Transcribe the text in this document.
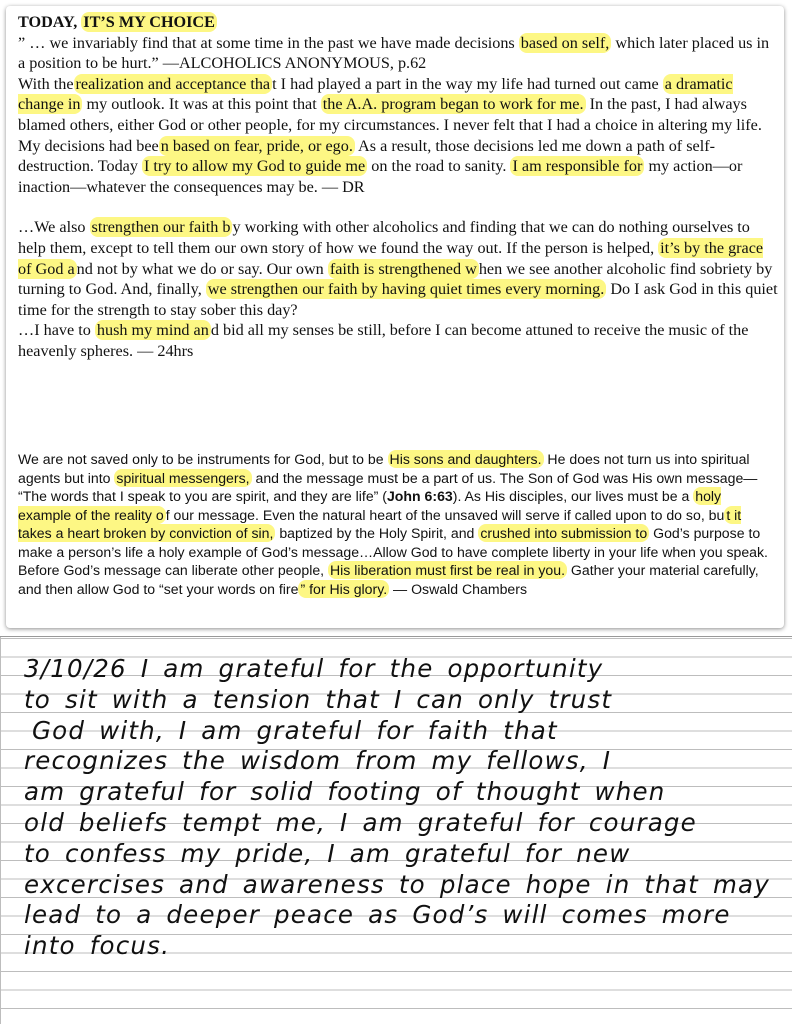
TODAY, IT’S MY CHOICE
” … we invariably find that at some time in the past we have made decisions based on self, which later placed us in a position to be hurt.” —ALCOHOLICS ANONYMOUS, p.62
With the realization and acceptance tha t I had played a part in the way my life had turned out came a dramatic change in my outlook. It was at this point that the A.A. program began to work for me. In the past, I had always blamed others, either God or other people, for my circumstances. I never felt that I had a choice in altering my life. My decisions had bee n based on fear, pride, or ego. As a result, those decisions led me down a path of self-destruction. Today I try to allow my God to guide me on the road to sanity. I am responsible for my action—or inaction—whatever the consequences may be. — DR
…We also strengthen our faith b y working with other alcoholics and finding that we can do nothing ourselves to help them, except to tell them our own story of how we found the way out. If the person is helped, it’s by the grace of God a nd not by what we do or say. Our own faith is strengthened w hen we see another alcoholic find sobriety by turning to God. And, finally, we strengthen our faith by having quiet times every morning. Do I ask God in this quiet time for the strength to stay sober this day?
…I have to hush my mind an d bid all my senses be still, before I can become attuned to receive the music of the heavenly spheres. — 24hrs
We are not saved only to be instruments for God, but to be His sons and daughters. He does not turn us into spiritual agents but into spiritual messengers, and the message must be a part of us. The Son of God was His own message— “The words that I speak to you are spirit, and they are life” (John 6:63). As His disciples, our lives must be a holy example of the reality o f our message. Even the natural heart of the unsaved will serve if called upon to do so, bu t it takes a heart broken by conviction of sin, baptized by the Holy Spirit, and crushed into submission to God’s purpose to make a person’s life a holy example of God’s message…Allow God to have complete liberty in your life when you speak. Before God’s message can liberate other people, His liberation must first be real in you. Gather your material carefully, and then allow God to “set your words on fire ” for His glory. — Oswald Chambers
3/10/26 I am grateful for the opportunity
to sit with a tension that I can only trust
God with, I am grateful for faith that
recognizes the wisdom from my fellows, I
am grateful for solid footing of thought when
old beliefs tempt me, I am grateful for courage
to confess my pride, I am grateful for new
excercises and awareness to place hope in that may
lead to a deeper peace as God’s will comes more
into focus.
